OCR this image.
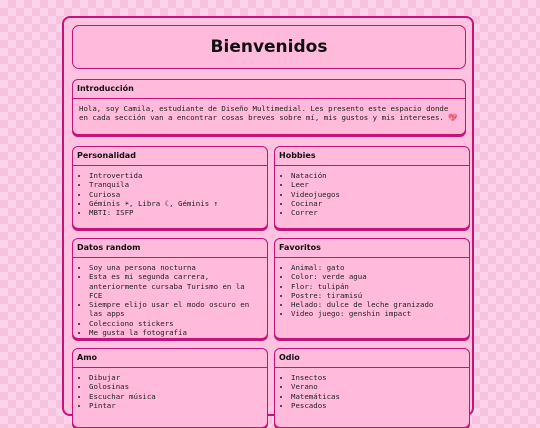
Bienvenidos
Introducción
Hola, soy Camila, estudiante de Diseño Multimedial. Les presento este espacio donde en cada sección van a encontrar cosas breves sobre mí, mis gustos y mis intereses. 💖
Personalidad
• Introvertida
• Tranquila
• Curiosa
• Géminis ☀, Libra ☾, Géminis ↑
• MBTI: ISFP
Hobbies
• Natación
• Leer
• Videojuegos
• Cocinar
• Correr
Datos random
• Soy una persona nocturna
• Esta es mi segunda carrera, anteriormente cursaba Turismo en la FCE
• Siempre elijo usar el modo oscuro en las apps
• Colecciono stickers
• Me gusta la fotografía
Favoritos
• Animal: gato
• Color: verde agua
• Flor: tulipán
• Postre: tiramisú
• Helado: dulce de leche granizado
• Video juego: genshin impact
Amo
• Dibujar
• Golosinas
• Escuchar música
• Pintar
Odio
• Insectos
• Verano
• Matemáticas
• Pescados
